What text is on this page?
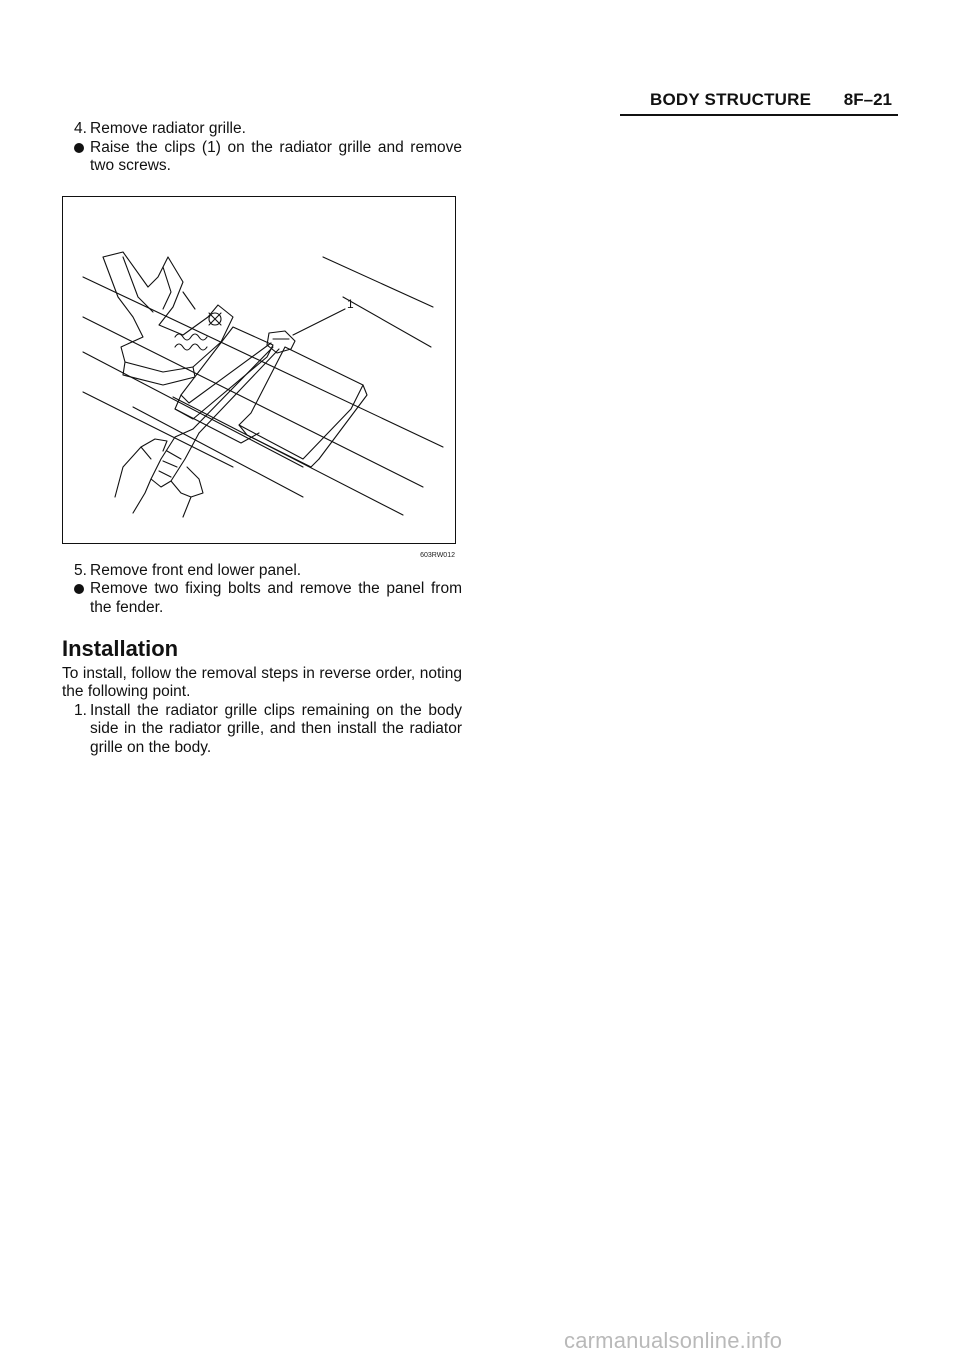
BODY STRUCTURE 8F–21
4. Remove radiator grille.
Raise the clips (1) on the radiator grille and remove two screws.
1
603RW012
5. Remove front end lower panel.
Remove two fixing bolts and remove the panel from the fender.
Installation
To install, follow the removal steps in reverse order, noting the following point.
1. Install the radiator grille clips remaining on the body side in the radiator grille, and then install the radiator grille on the body.
carmanualsonline.info
